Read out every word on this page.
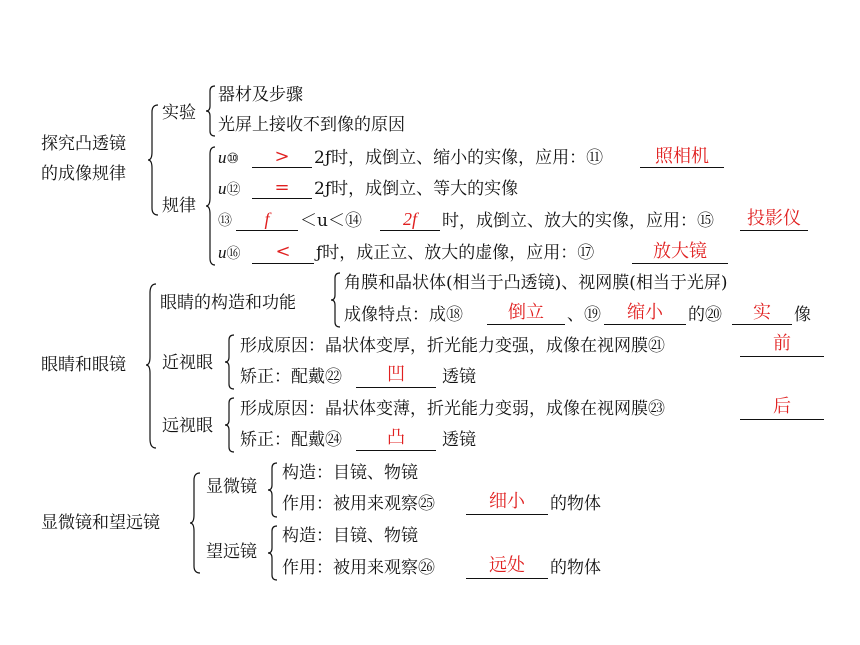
探究凸透镜
的成像规律
实验
器材及步骤
光屏上接收不到像的原因
规律
u⑩	>	2ƒ时，成倒立、缩小的实像，应用：⑪	照相机
u⑫	=	2ƒ时，成倒立、等大的实像
⑬	f	＜u＜⑭	2f	时，成倒立、放大的实像，应用：⑮	投影仪
u⑯	<	ƒ时，成正立、放大的虚像，应用：⑰	放大镜
眼睛和眼镜
眼睛的构造和功能
角膜和晶状体(相当于凸透镜)、视网膜(相当于光屏)
成像特点：成⑱	倒立	、⑲	缩小	的⑳	实	像
近视眼
形成原因：晶状体变厚，折光能力变强，成像在视网膜㉑	前
矫正：配戴㉒	凹	透镜
远视眼
形成原因：晶状体变薄，折光能力变弱，成像在视网膜㉓	后
矫正：配戴㉔	凸	透镜
显微镜和望远镜
显微镜
构造：目镜、物镜
作用：被用来观察㉕	细小	的物体
望远镜
构造：目镜、物镜
作用：被用来观察㉖	远处	的物体
